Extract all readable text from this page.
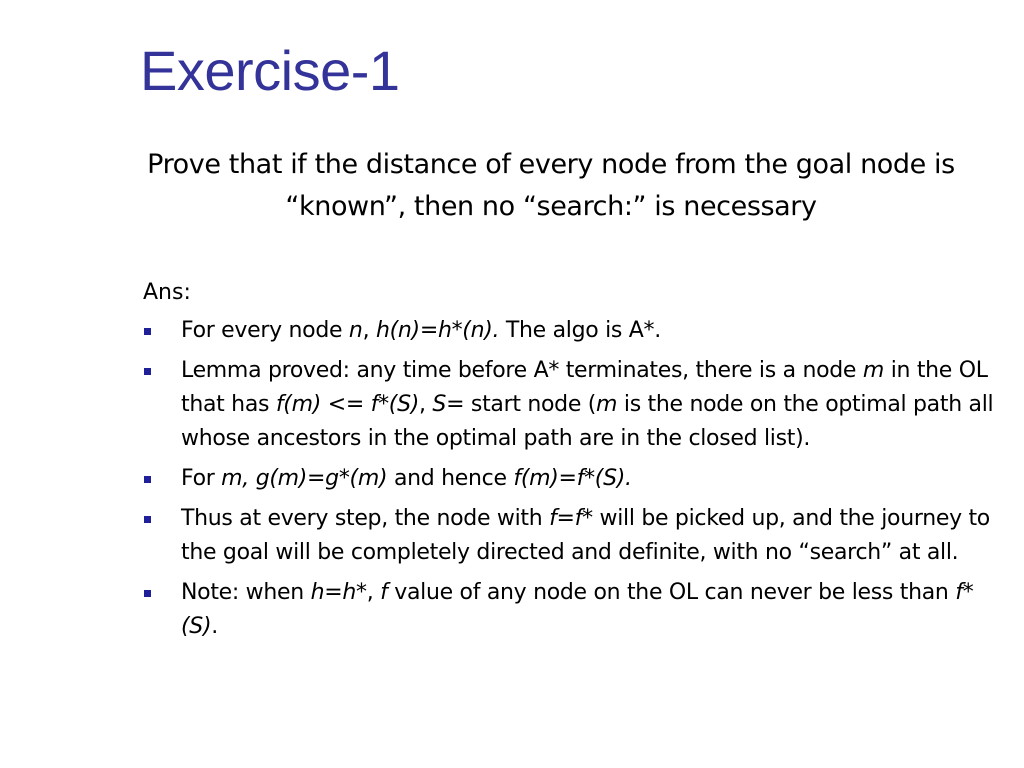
Exercise-1

Prove that if the distance of every node from the goal node is “known”, then no “search:” is necessary

Ans:

For every node n, h(n)=h*(n). The algo is A*.
Lemma proved: any time before A* terminates, there is a node m in the OL that has f(m) <= f*(S), S= start node (m is the node on the optimal path all whose ancestors in the optimal path are in the closed list).
For m, g(m)=g*(m) and hence f(m)=f*(S).
Thus at every step, the node with f=f* will be picked up, and the journey to the goal will be completely directed and definite, with no “search” at all.
Note: when h=h*, f value of any node on the OL can never be less than f*(S).
